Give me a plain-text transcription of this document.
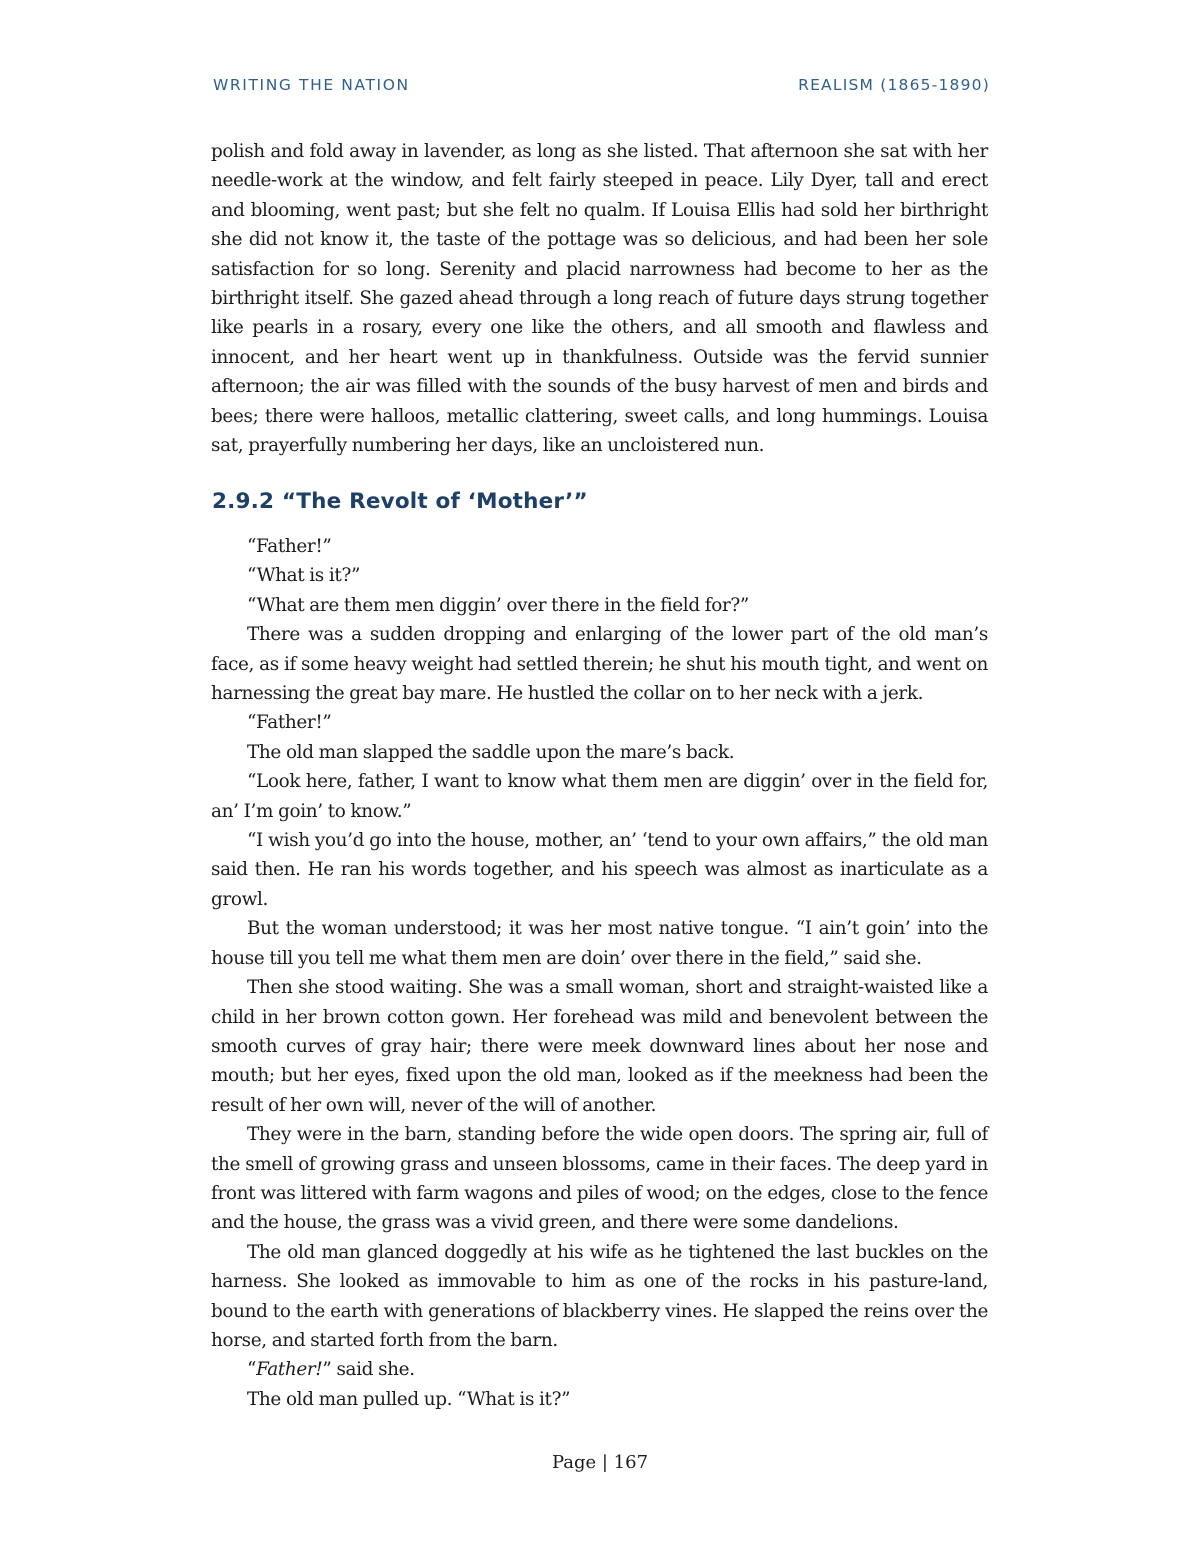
WRITING THE NATION	REALISM (1865-1890)

polish and fold away in lavender, as long as she listed. That afternoon she sat with her needle-work at the window, and felt fairly steeped in peace. Lily Dyer, tall and erect and blooming, went past; but she felt no qualm. If Louisa Ellis had sold her birthright she did not know it, the taste of the pottage was so delicious, and had been her sole satisfaction for so long. Serenity and placid narrowness had become to her as the birthright itself. She gazed ahead through a long reach of future days strung together like pearls in a rosary, every one like the others, and all smooth and flawless and innocent, and her heart went up in thankfulness. Outside was the fervid sunnier afternoon; the air was filled with the sounds of the busy harvest of men and birds and bees; there were halloos, metallic clattering, sweet calls, and long hummings. Louisa sat, prayerfully numbering her days, like an uncloistered nun.

2.9.2 “The Revolt of ‘Mother’”

“Father!”

“What is it?”

“What are them men diggin’ over there in the field for?”

There was a sudden dropping and enlarging of the lower part of the old man’s face, as if some heavy weight had settled therein; he shut his mouth tight, and went on harnessing the great bay mare. He hustled the collar on to her neck with a jerk.

“Father!”

The old man slapped the saddle upon the mare’s back.

“Look here, father, I want to know what them men are diggin’ over in the field for, an’ I’m goin’ to know.”

“I wish you’d go into the house, mother, an’ ‘tend to your own affairs,” the old man said then. He ran his words together, and his speech was almost as inarticulate as a growl.

But the woman understood; it was her most native tongue. “I ain’t goin’ into the house till you tell me what them men are doin’ over there in the field,” said she.

Then she stood waiting. She was a small woman, short and straight-waisted like a child in her brown cotton gown. Her forehead was mild and benevolent between the smooth curves of gray hair; there were meek downward lines about her nose and mouth; but her eyes, fixed upon the old man, looked as if the meekness had been the result of her own will, never of the will of another.

They were in the barn, standing before the wide open doors. The spring air, full of the smell of growing grass and unseen blossoms, came in their faces. The deep yard in front was littered with farm wagons and piles of wood; on the edges, close to the fence and the house, the grass was a vivid green, and there were some dandelions.

The old man glanced doggedly at his wife as he tightened the last buckles on the harness. She looked as immovable to him as one of the rocks in his pasture-land, bound to the earth with generations of blackberry vines. He slapped the reins over the horse, and started forth from the barn.

“Father!” said she.

The old man pulled up. “What is it?”

Page | 167
